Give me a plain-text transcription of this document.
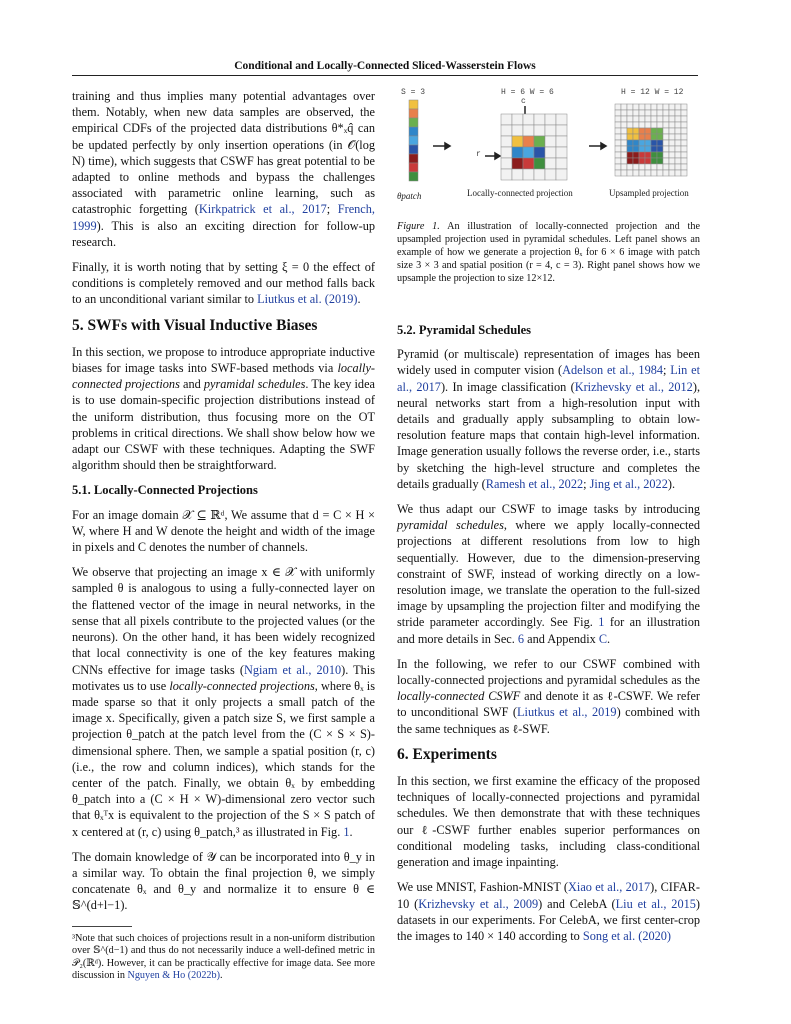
Conditional and Locally-Connected Sliced-Wasserstein Flows

training and thus implies many potential advantages over them. Notably, when new data samples are observed, the empirical CDFs of the projected data distributions θ*ₓq̂ can be updated perfectly by only insertion operations (in 𝒪(log N) time), which suggests that CSWF has great potential to be adapted to online methods and bypass the challenges associated with parametric online learning, such as catastrophic forgetting (Kirkpatrick et al., 2017; French, 1999). This is also an exciting direction for follow-up research.

Finally, it is worth noting that by setting ξ = 0 the effect of conditions is completely removed and our method falls back to an unconditional variant similar to Liutkus et al. (2019).

5. SWFs with Visual Inductive Biases

In this section, we propose to introduce appropriate inductive biases for image tasks into SWF-based methods via locally-connected projections and pyramidal schedules. The key idea is to use domain-specific projection distributions instead of the uniform distribution, thus focusing more on the OT problems in critical directions. We shall show below how we adapt our CSWF with these techniques. Adapting the SWF algorithm should then be straightforward.

5.1. Locally-Connected Projections

For an image domain 𝒳 ⊆ ℝᵈ, We assume that d = C × H × W, where H and W denote the height and width of the image in pixels and C denotes the number of channels.

We observe that projecting an image x ∈ 𝒳 with uniformly sampled θ is analogous to using a fully-connected layer on the flattened vector of the image in neural networks, in the sense that all pixels contribute to the projected values (or the neurons). On the other hand, it has been widely recognized that local connectivity is one of the key features making CNNs effective for image tasks (Ngiam et al., 2010). This motivates us to use locally-connected projections, where θₓ is made sparse so that it only projects a small patch of the image x. Specifically, given a patch size S, we first sample a projection θ_patch at the patch level from the (C × S × S)-dimensional sphere. Then, we sample a spatial position (r, c) (i.e., the row and column indices), which stands for the center of the patch. Finally, we obtain θₓ by embedding θ_patch into a (C × H × W)-dimensional zero vector such that θₓᵀx is equivalent to the projection of the S × S patch of x centered at (r, c) using θ_patch,³ as illustrated in Fig. 1.

The domain knowledge of 𝒴 can be incorporated into θ_y in a similar way. To obtain the final projection θ, we simply concatenate θₓ and θ_y and normalize it to ensure θ ∈ 𝕊^(d+l−1).

³Note that such choices of projections result in a non-uniform distribution over 𝕊^(d−1) and thus do not necessarily induce a well-defined metric in 𝒫₂(ℝᵈ). However, it can be practically effective for image data. See more discussion in Nguyen & Ho (2022b).
S = 3	H = 6 W = 6	H = 12 W = 12
c
r
θpatch	Locally-connected projection	Upsampled projection
Figure 1. An illustration of locally-connected projection and the upsampled projection used in pyramidal schedules. Left panel shows an example of how we generate a projection θₓ for 6 × 6 image with patch size 3 × 3 and spatial position (r = 4, c = 3). Right panel shows how we upsample the projection to size 12×12.
5.2. Pyramidal Schedules

Pyramid (or multiscale) representation of images has been widely used in computer vision (Adelson et al., 1984; Lin et al., 2017). In image classification (Krizhevsky et al., 2012), neural networks start from a high-resolution input with details and gradually apply subsampling to obtain low-resolution feature maps that contain high-level information. Image generation usually follows the reverse order, i.e., starts by sketching the high-level structure and completes the details gradually (Ramesh et al., 2022; Jing et al., 2022).

We thus adapt our CSWF to image tasks by introducing pyramidal schedules, where we apply locally-connected projections at different resolutions from low to high sequentially. However, due to the dimension-preserving constraint of SWF, instead of working directly on a low-resolution image, we translate the operation to the full-sized image by upsampling the projection filter and modifying the stride parameter accordingly. See Fig. 1 for an illustration and more details in Sec. 6 and Appendix C.

In the following, we refer to our CSWF combined with locally-connected projections and pyramidal schedules as the locally-connected CSWF and denote it as ℓ-CSWF. We refer to unconditional SWF (Liutkus et al., 2019) combined with the same techniques as ℓ-SWF.

6. Experiments

In this section, we first examine the efficacy of the proposed techniques of locally-connected projections and pyramidal schedules. We then demonstrate that with these techniques our ℓ-CSWF further enables superior performances on conditional modeling tasks, including class-conditional generation and image inpainting.

We use MNIST, Fashion-MNIST (Xiao et al., 2017), CIFAR-10 (Krizhevsky et al., 2009) and CelebA (Liu et al., 2015) datasets in our experiments. For CelebA, we first center-crop the images to 140 × 140 according to Song et al. (2020)
